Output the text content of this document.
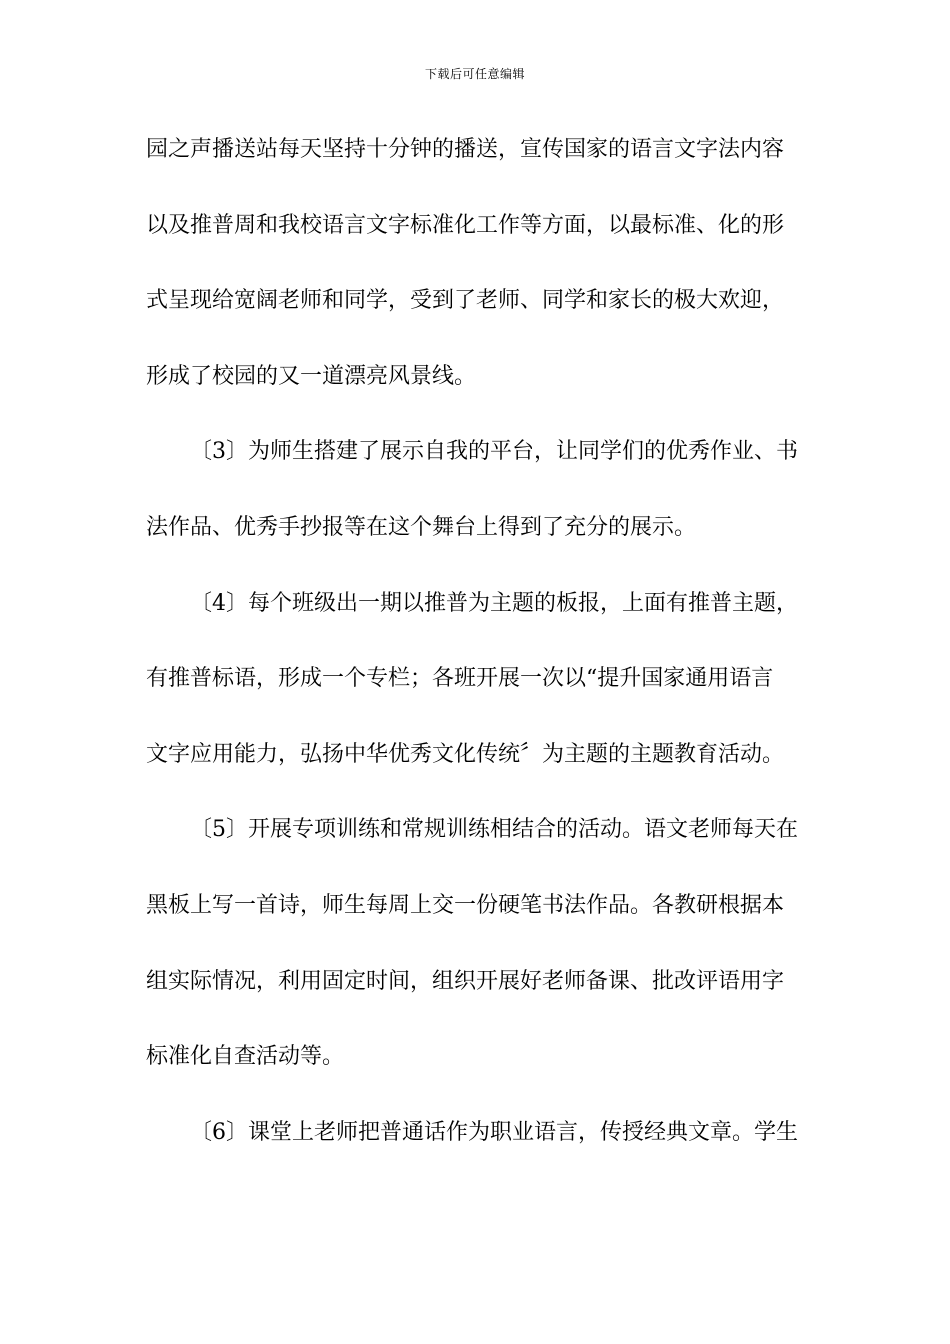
下载后可任意编辑
园之声播送站每天坚持十分钟的播送，宣传国家的语言文字法内容
以及推普周和我校语言文字标准化工作等方面，以最标准、化的形
式呈现给宽阔老师和同学，受到了老师、同学和家长的极大欢迎，
形成了校园的又一道漂亮风景线。
〔3〕为师生搭建了展示自我的平台，让同学们的优秀作业、书
法作品、优秀手抄报等在这个舞台上得到了充分的展示。
〔4〕每个班级出一期以推普为主题的板报，上面有推普主题，
有推普标语，形成一个专栏；各班开展一次以“提升国家通用语言
文字应用能力，弘扬中华优秀文化传统〞为主题的主题教育活动。
〔5〕开展专项训练和常规训练相结合的活动。语文老师每天在
黑板上写一首诗，师生每周上交一份硬笔书法作品。各教研根据本
组实际情况，利用固定时间，组织开展好老师备课、批改评语用字
标准化自查活动等。
〔6〕课堂上老师把普通话作为职业语言，传授经典文章。学生
